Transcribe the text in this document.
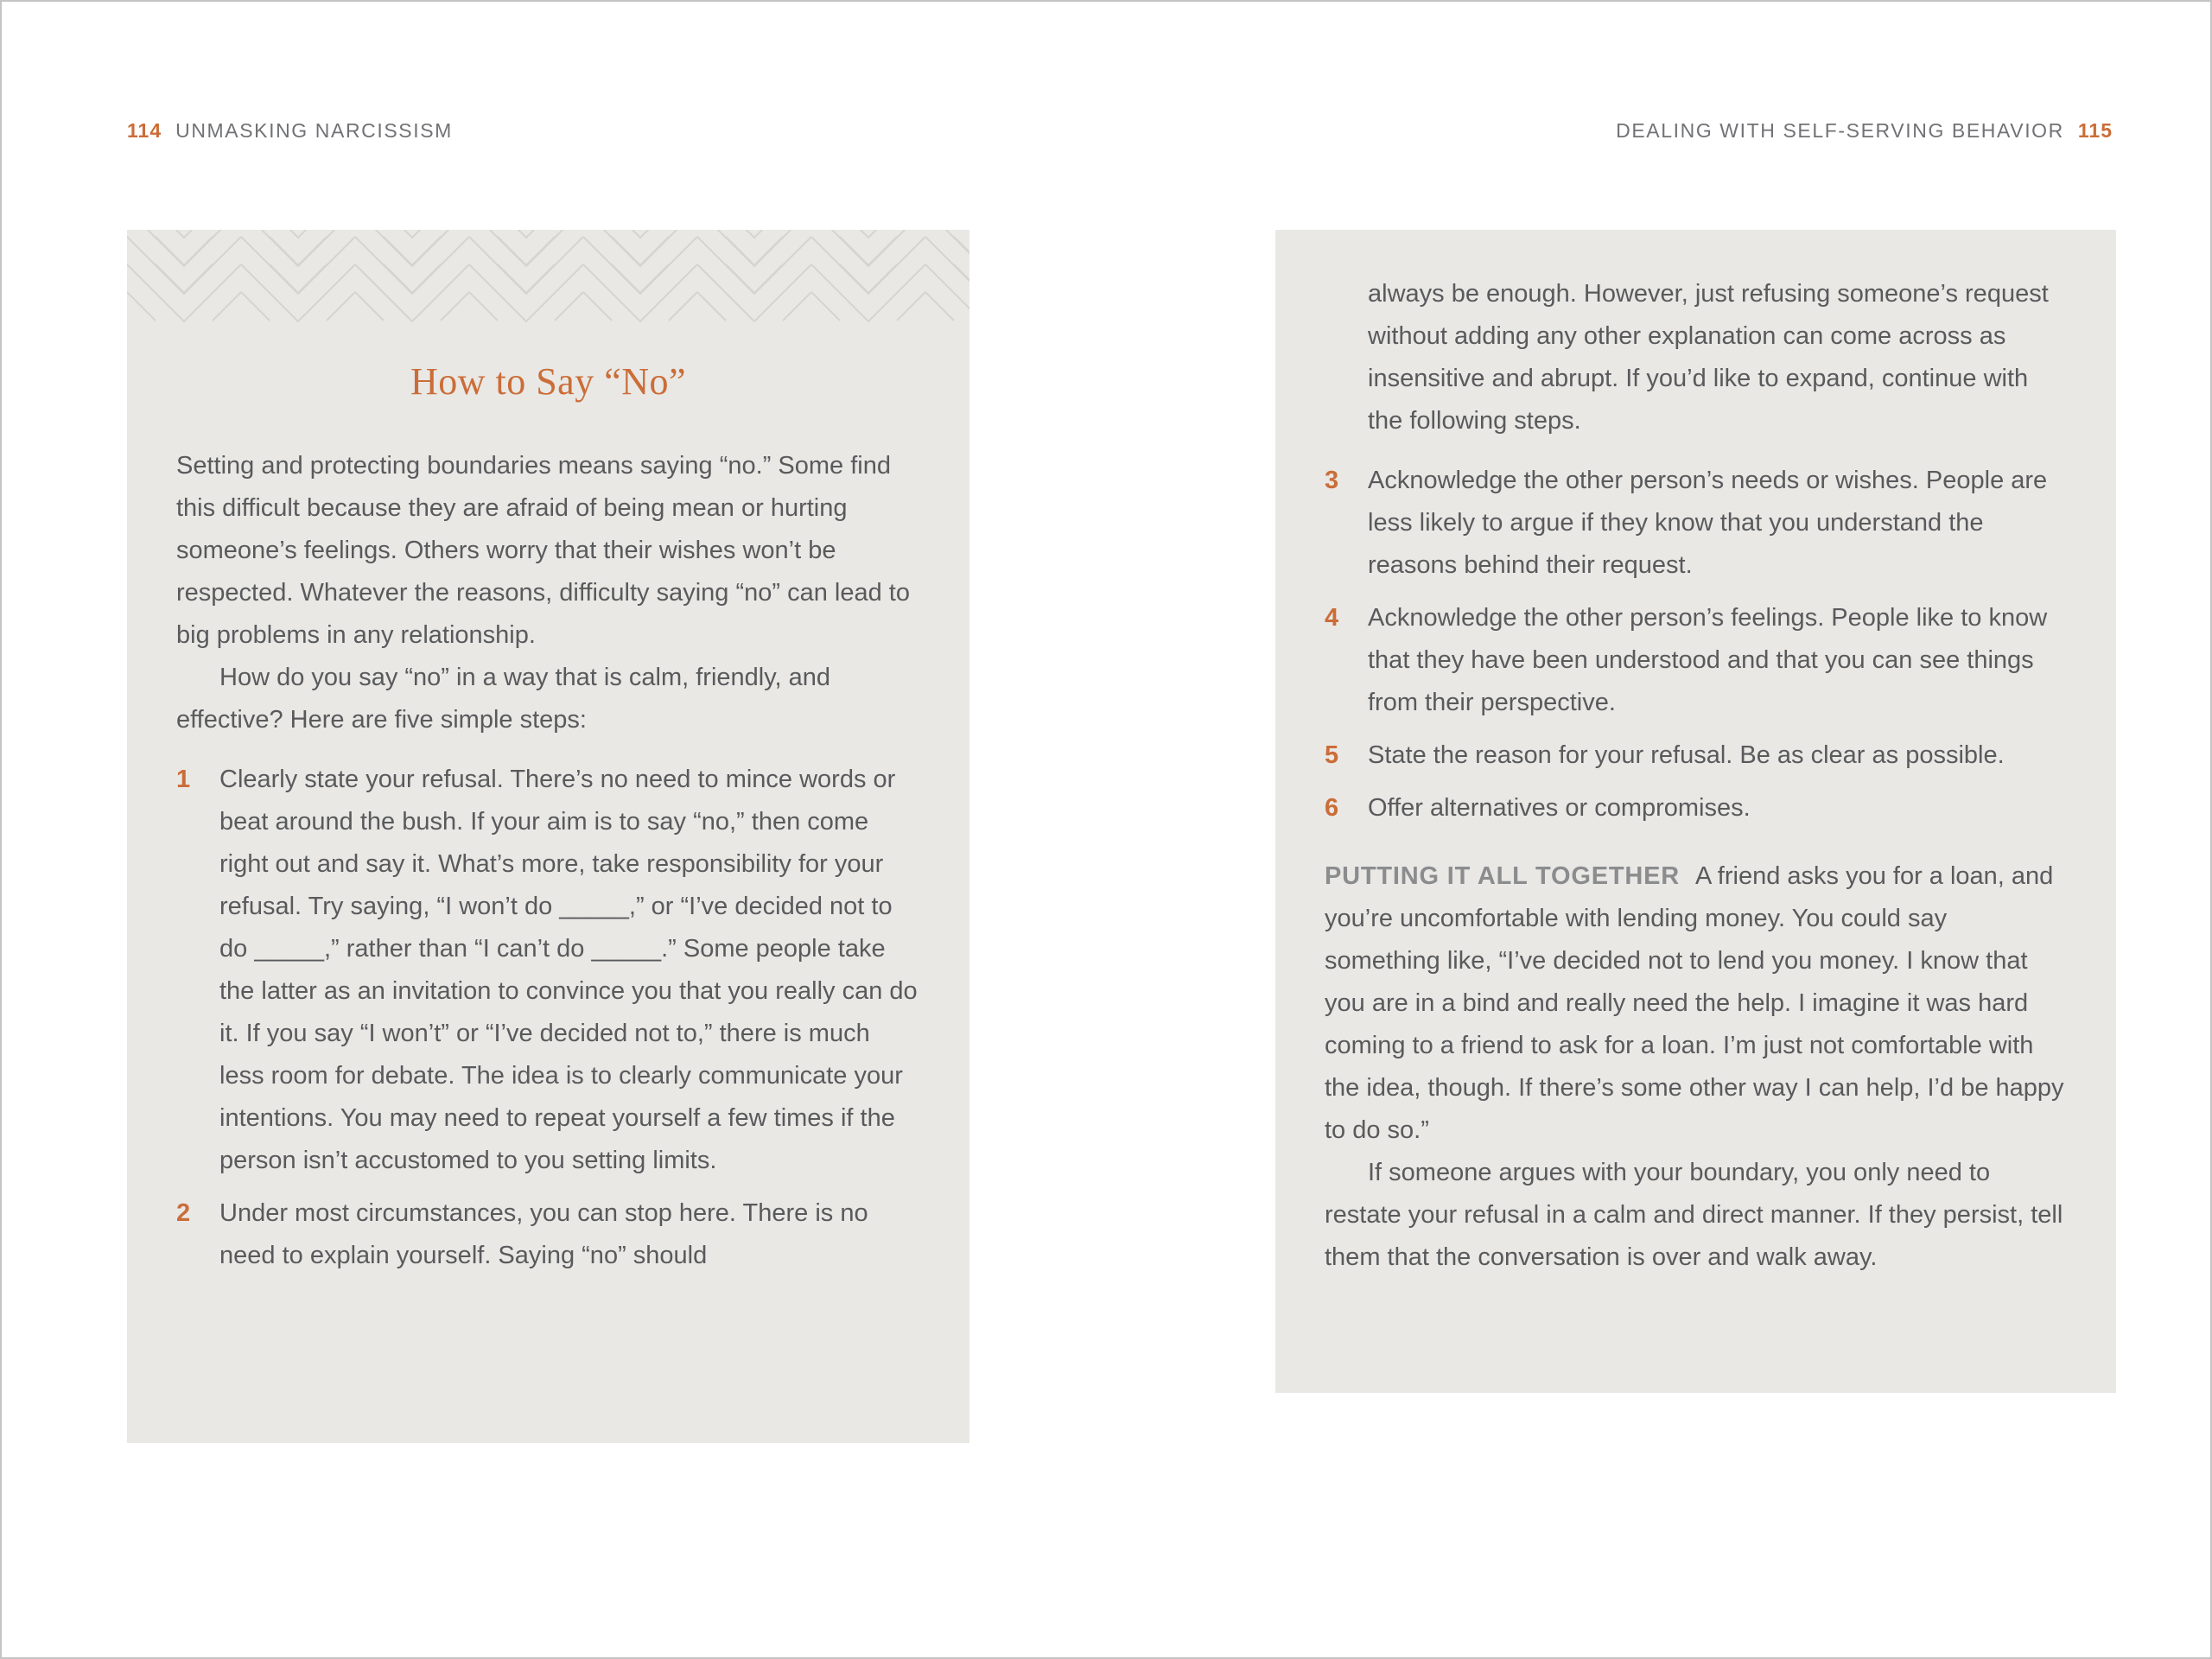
114 UNMASKING NARCISSISM	DEALING WITH SELF-SERVING BEHAVIOR 115
How to Say “No”

Setting and protecting boundaries means saying “no.” Some find this difficult because they are afraid of being mean or hurting someone’s feelings. Others worry that their wishes won’t be respected. Whatever the reasons, difficulty saying “no” can lead to big problems in any relationship.

How do you say “no” in a way that is calm, friendly, and effective? Here are five simple steps:

1	Clearly state your refusal. There’s no need to mince words or beat around the bush. If your aim is to say “no,” then come right out and say it. What’s more, take responsibility for your refusal. Try saying, “I won’t do _____,” or “I’ve decided not to do _____,” rather than “I can’t do _____.” Some people take the latter as an invitation to convince you that you really can do it. If you say “I won’t” or “I’ve decided not to,” there is much less room for debate. The idea is to clearly communicate your intentions. You may need to repeat yourself a few times if the person isn’t accustomed to you setting limits.
2	Under most circumstances, you can stop here. There is no need to explain yourself. Saying “no” should

always be enough. However, just refusing someone’s request without adding any other explanation can come across as insensitive and abrupt. If you’d like to expand, continue with the following steps.

3	Acknowledge the other person’s needs or wishes. People are less likely to argue if they know that you understand the reasons behind their request.
4	Acknowledge the other person’s feelings. People like to know that they have been understood and that you can see things from their perspective.
5	State the reason for your refusal. Be as clear as possible.
6	Offer alternatives or compromises.

PUTTING IT ALL TOGETHER A friend asks you for a loan, and you’re uncomfortable with lending money. You could say something like, “I’ve decided not to lend you money. I know that you are in a bind and really need the help. I imagine it was hard coming to a friend to ask for a loan. I’m just not comfortable with the idea, though. If there’s some other way I can help, I’d be happy to do so.”

If someone argues with your boundary, you only need to restate your refusal in a calm and direct manner. If they persist, tell them that the conversation is over and walk away.
